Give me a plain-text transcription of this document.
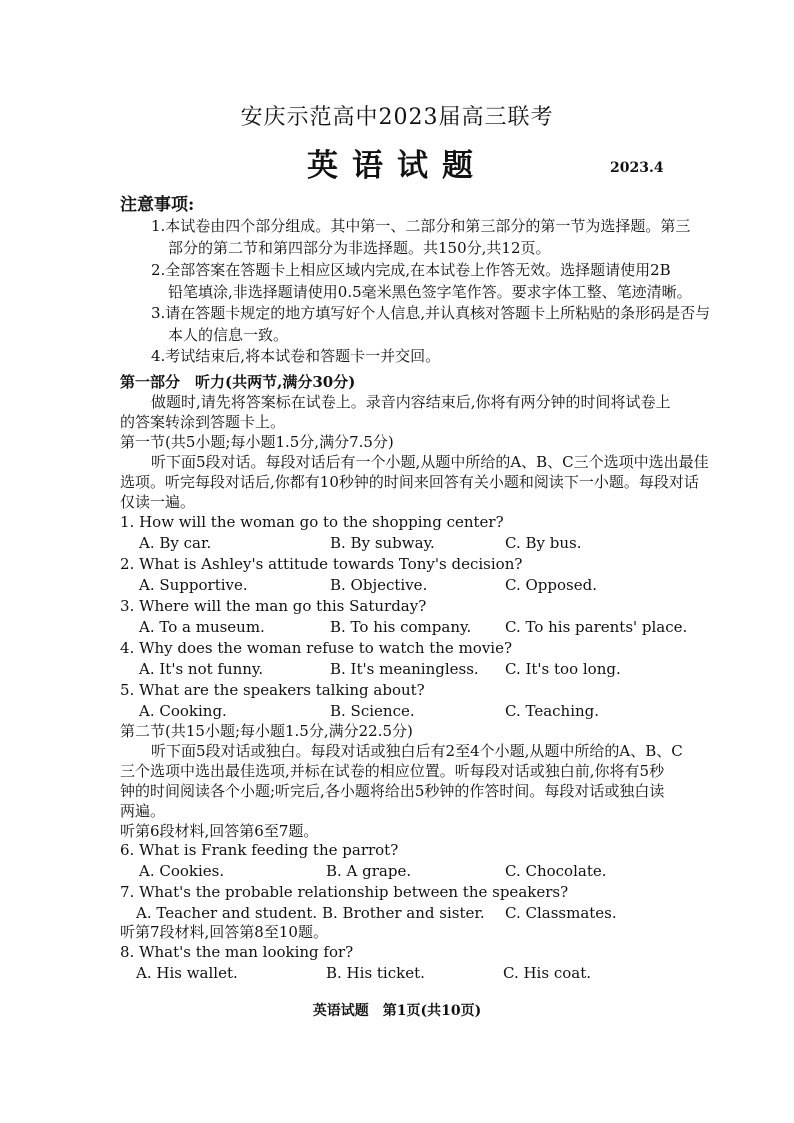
安庆示范高中2023届高三联考
英语试题	2023.4
注意事项:
1.本试卷由四个部分组成。其中第一、二部分和第三部分的第一节为选择题。第三
部分的第二节和第四部分为非选择题。共150分,共12页。
2.全部答案在答题卡上相应区域内完成,在本试卷上作答无效。选择题请使用2B
铅笔填涂,非选择题请使用0.5毫米黑色签字笔作答。要求字体工整、笔迹清晰。
3.请在答题卡规定的地方填写好个人信息,并认真核对答题卡上所粘贴的条形码是否与
本人的信息一致。
4.考试结束后,将本试卷和答题卡一并交回。
第一部分　听力(共两节,满分30分)
做题时,请先将答案标在试卷上。录音内容结束后,你将有两分钟的时间将试卷上
的答案转涂到答题卡上。
第一节(共5小题;每小题1.5分,满分7.5分)
听下面5段对话。每段对话后有一个小题,从题中所给的A、B、C三个选项中选出最佳
选项。听完每段对话后,你都有10秒钟的时间来回答有关小题和阅读下一小题。每段对话
仅读一遍。
1. How will the woman go to the shopping center?
A. By car.	B. By subway.	C. By bus.
2. What is Ashley's attitude towards Tony's decision?
A. Supportive.	B. Objective.	C. Opposed.
3. Where will the man go this Saturday?
A. To a museum.	B. To his company. C. To his parents' place.
4. Why does the woman refuse to watch the movie?
A. It's not funny.	B. It's meaningless. C. It's too long.
5. What are the speakers talking about?
A. Cooking.	B. Science.	C. Teaching.
第二节(共15小题;每小题1.5分,满分22.5分)
听下面5段对话或独白。每段对话或独白后有2至4个小题,从题中所给的A、B、C
三个选项中选出最佳选项,并标在试卷的相应位置。听每段对话或独白前,你将有5秒
钟的时间阅读各个小题;听完后,各小题将给出5秒钟的作答时间。每段对话或独白读
两遍。
听第6段材料,回答第6至7题。
6. What is Frank feeding the parrot?
A. Cookies.	B. A grape.	C. Chocolate.
7. What's the probable relationship between the speakers?
A. Teacher and student. B. Brother and sister. C. Classmates.
听第7段材料,回答第8至10题。
8. What's the man looking for?
A. His wallet.	B. His ticket.	C. His coat.
英语试题　第1页(共10页)
